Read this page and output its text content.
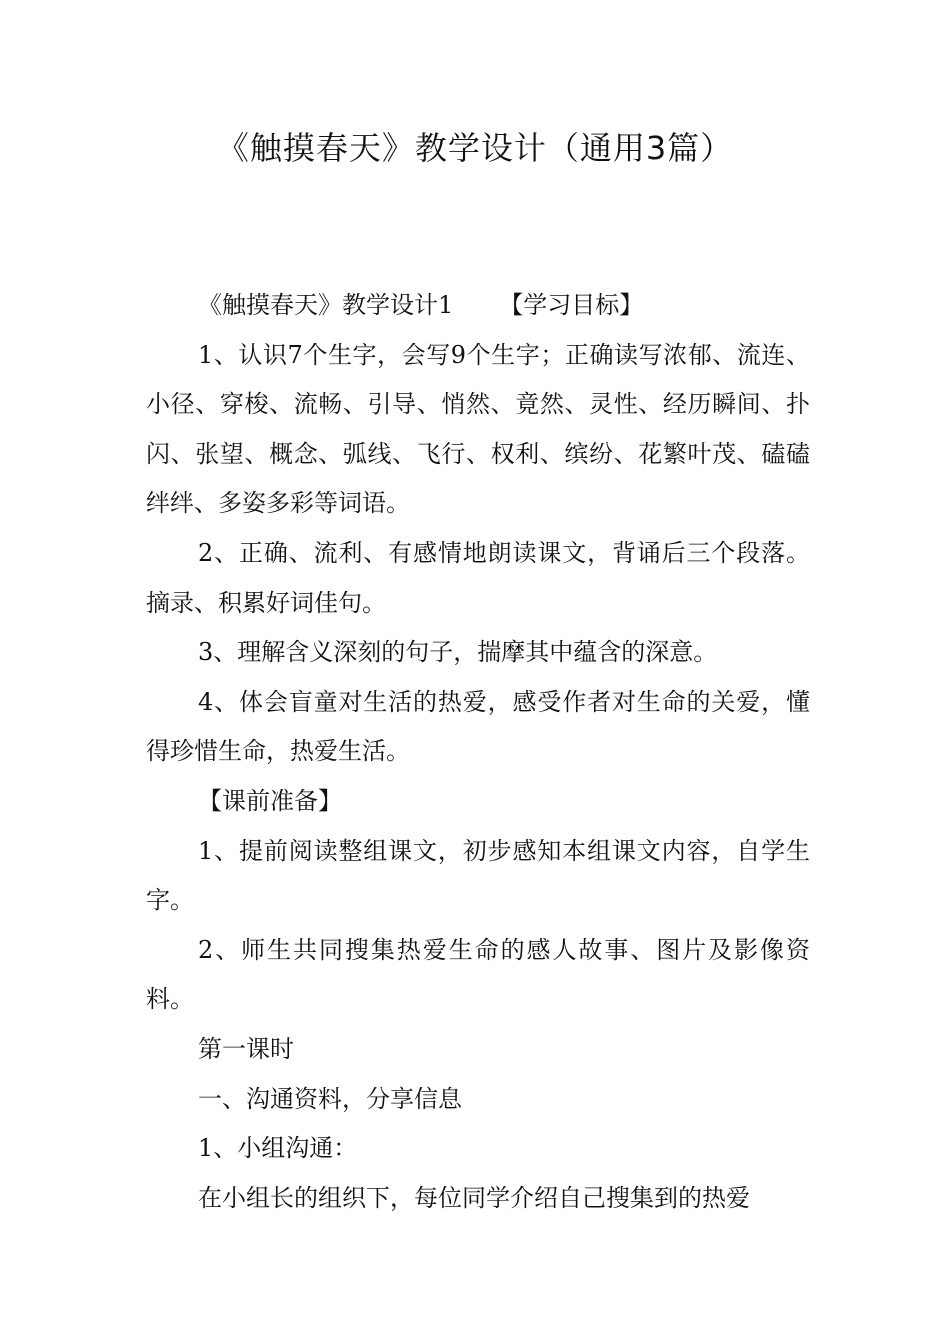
《触摸春天》教学设计（通用3篇）

《触摸春天》教学设计1 【学习目标】

1、认识7个生字，会写9个生字；正确读写浓郁、流连、小径、穿梭、流畅、引导、悄然、竟然、灵性、经历瞬间、扑闪、张望、概念、弧线、飞行、权利、缤纷、花繁叶茂、磕磕绊绊、多姿多彩等词语。

2、正确、流利、有感情地朗读课文，背诵后三个段落。摘录、积累好词佳句。

3、理解含义深刻的句子，揣摩其中蕴含的深意。

4、体会盲童对生活的热爱，感受作者对生命的关爱，懂得珍惜生命，热爱生活。

【课前准备】

1、提前阅读整组课文，初步感知本组课文内容，自学生字。

2、师生共同搜集热爱生命的感人故事、图片及影像资料。

第一课时

一、沟通资料，分享信息

1、小组沟通：

在小组长的组织下，每位同学介绍自己搜集到的热爱
